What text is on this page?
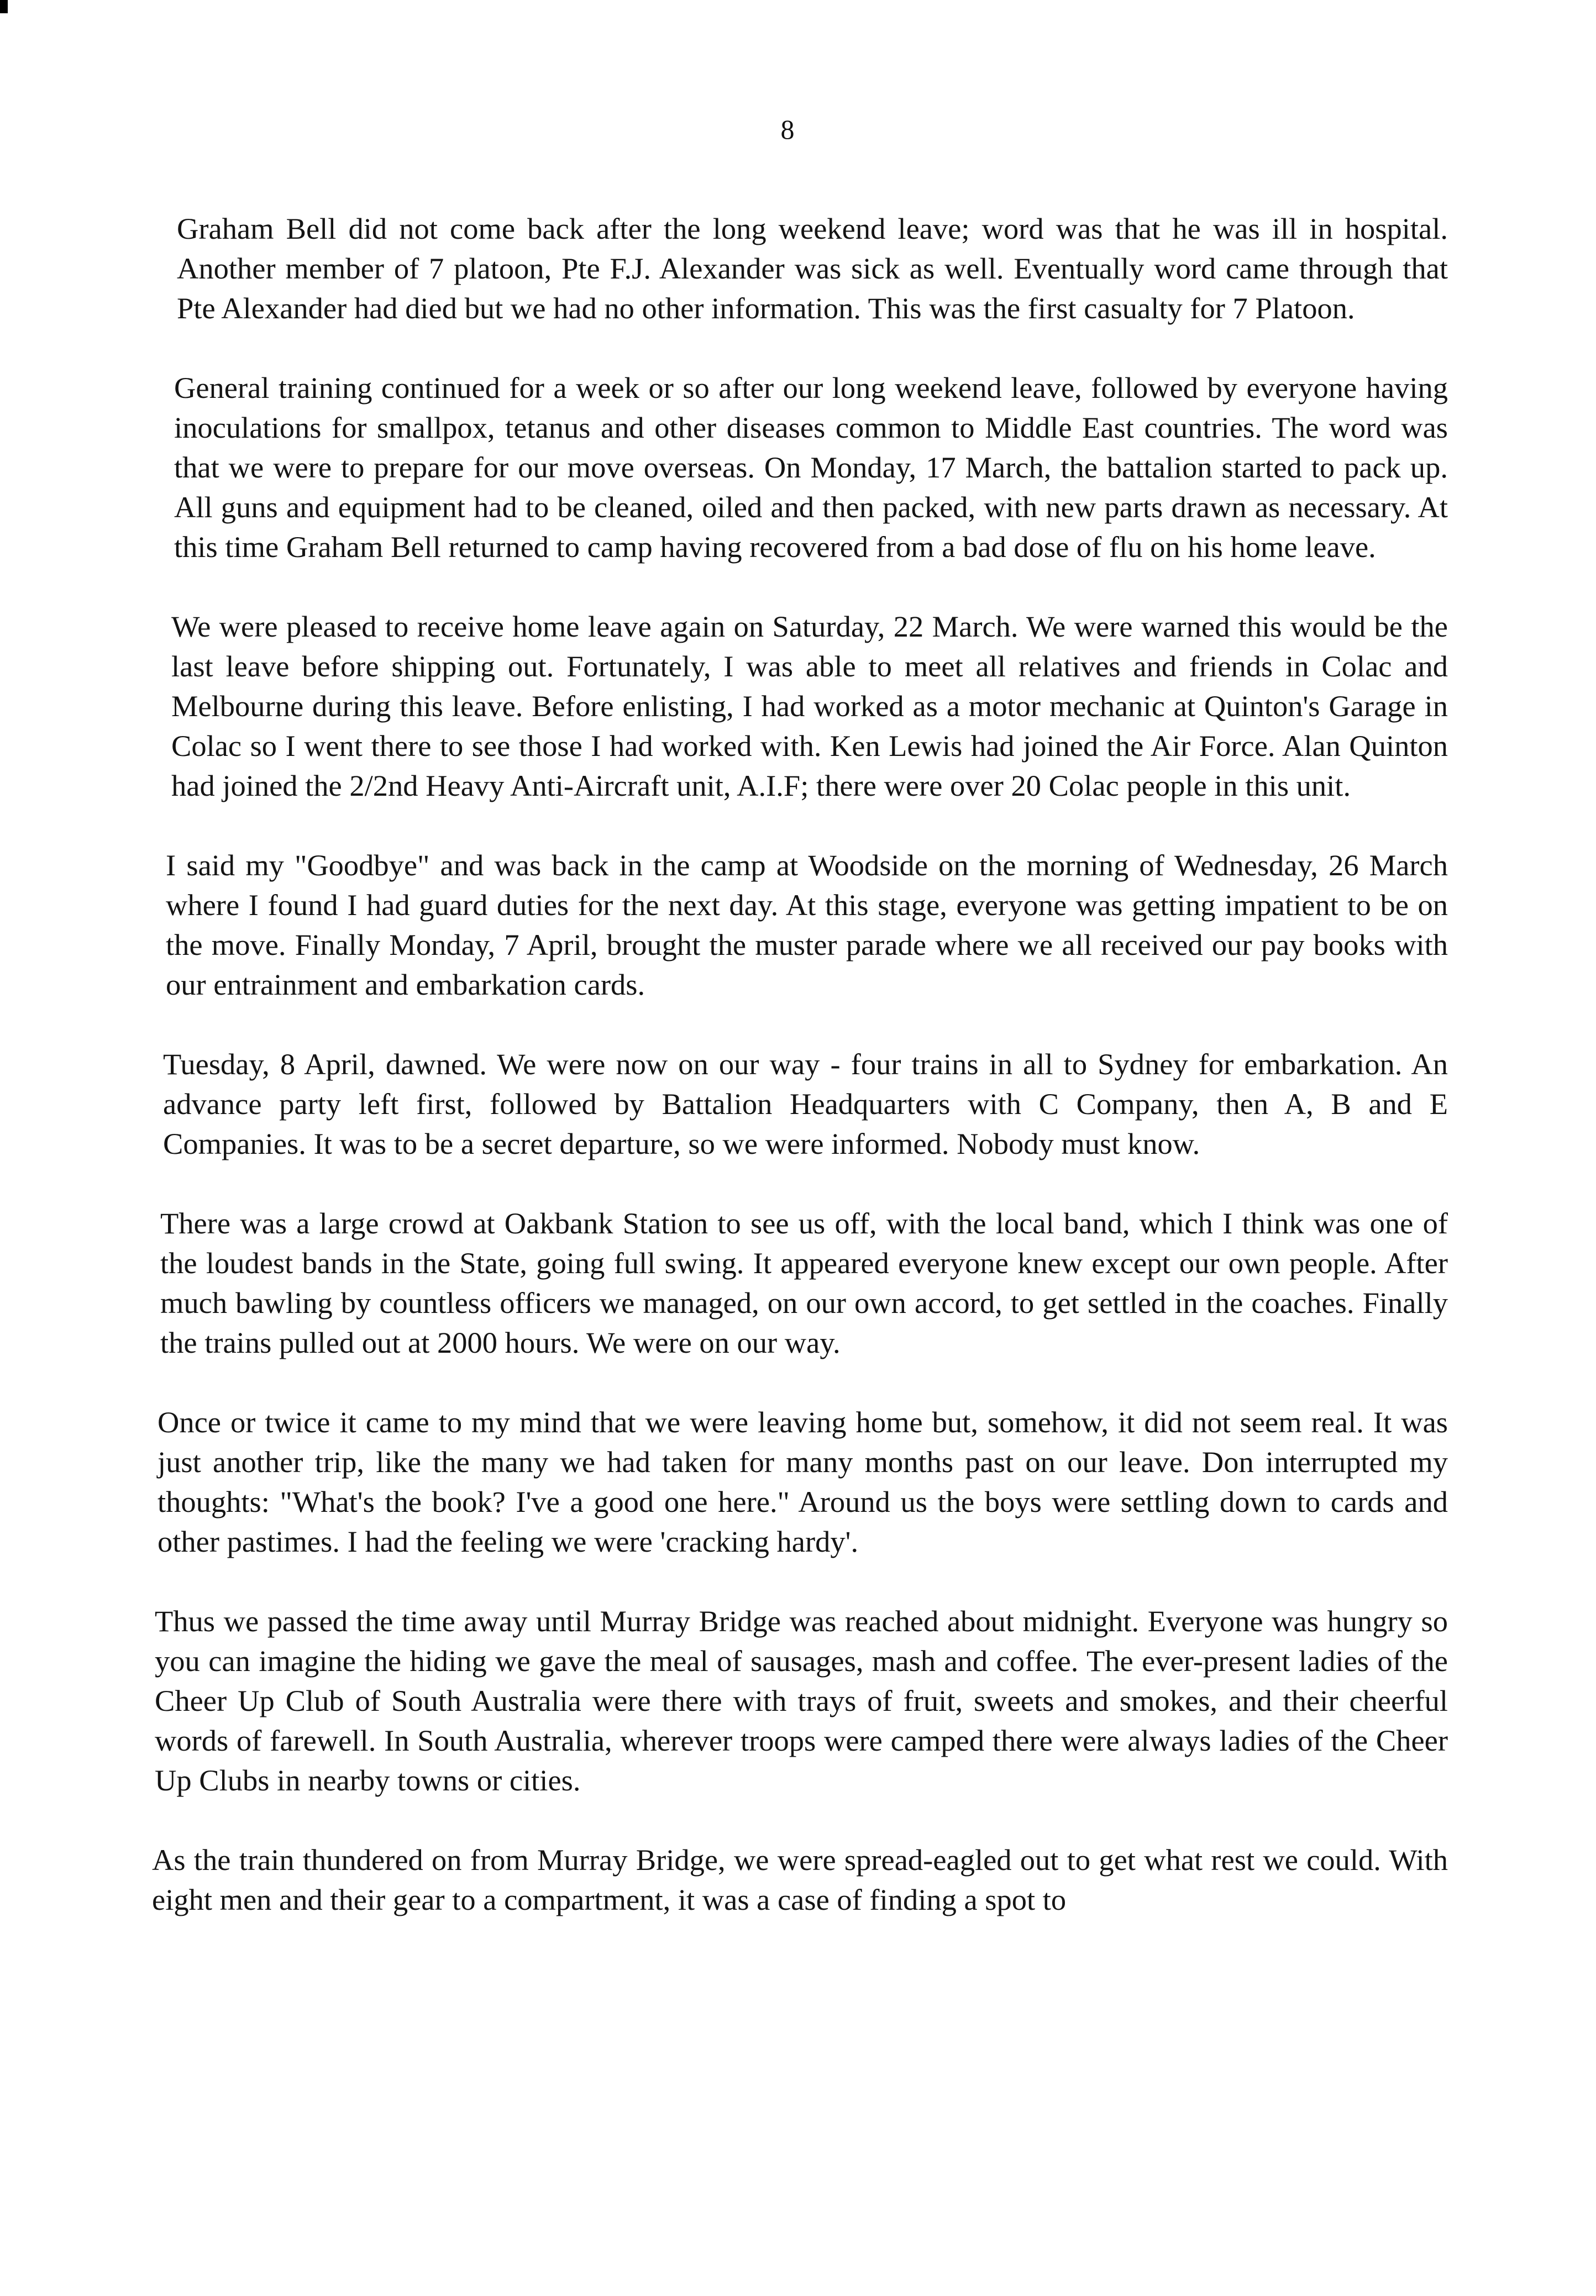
8

Graham Bell did not come back after the long weekend leave; word was that he was ill in hospital. Another member of 7 platoon, Pte F.J. Alexander was sick as well. Eventually word came through that Pte Alexander had died but we had no other information. This was the first casualty for 7 Platoon.

General training continued for a week or so after our long weekend leave, followed by everyone having inoculations for smallpox, tetanus and other diseases common to Middle East countries. The word was that we were to prepare for our move overseas. On Monday, 17 March, the battalion started to pack up. All guns and equipment had to be cleaned, oiled and then packed, with new parts drawn as necessary. At this time Graham Bell returned to camp having recovered from a bad dose of flu on his home leave.

We were pleased to receive home leave again on Saturday, 22 March. We were warned this would be the last leave before shipping out. Fortunately, I was able to meet all relatives and friends in Colac and Melbourne during this leave. Before enlisting, I had worked as a motor mechanic at Quinton's Garage in Colac so I went there to see those I had worked with. Ken Lewis had joined the Air Force. Alan Quinton had joined the 2/2nd Heavy Anti-Aircraft unit, A.I.F; there were over 20 Colac people in this unit.

I said my "Goodbye" and was back in the camp at Woodside on the morning of Wednesday, 26 March where I found I had guard duties for the next day. At this stage, everyone was getting impatient to be on the move. Finally Monday, 7 April, brought the muster parade where we all received our pay books with our entrainment and embarkation cards.

Tuesday, 8 April, dawned. We were now on our way - four trains in all to Sydney for embarkation. An advance party left first, followed by Battalion Headquarters with C Company, then A, B and E Companies. It was to be a secret departure, so we were informed. Nobody must know.

There was a large crowd at Oakbank Station to see us off, with the local band, which I think was one of the loudest bands in the State, going full swing. It appeared everyone knew except our own people. After much bawling by countless officers we managed, on our own accord, to get settled in the coaches. Finally the trains pulled out at 2000 hours. We were on our way.

Once or twice it came to my mind that we were leaving home but, somehow, it did not seem real. It was just another trip, like the many we had taken for many months past on our leave. Don interrupted my thoughts: "What's the book? I've a good one here." Around us the boys were settling down to cards and other pastimes. I had the feeling we were 'cracking hardy'.

Thus we passed the time away until Murray Bridge was reached about midnight. Everyone was hungry so you can imagine the hiding we gave the meal of sausages, mash and coffee. The ever-present ladies of the Cheer Up Club of South Australia were there with trays of fruit, sweets and smokes, and their cheerful words of farewell. In South Australia, wherever troops were camped there were always ladies of the Cheer Up Clubs in nearby towns or cities.

As the train thundered on from Murray Bridge, we were spread-eagled out to get what rest we could. With eight men and their gear to a compartment, it was a case of finding a spot to
